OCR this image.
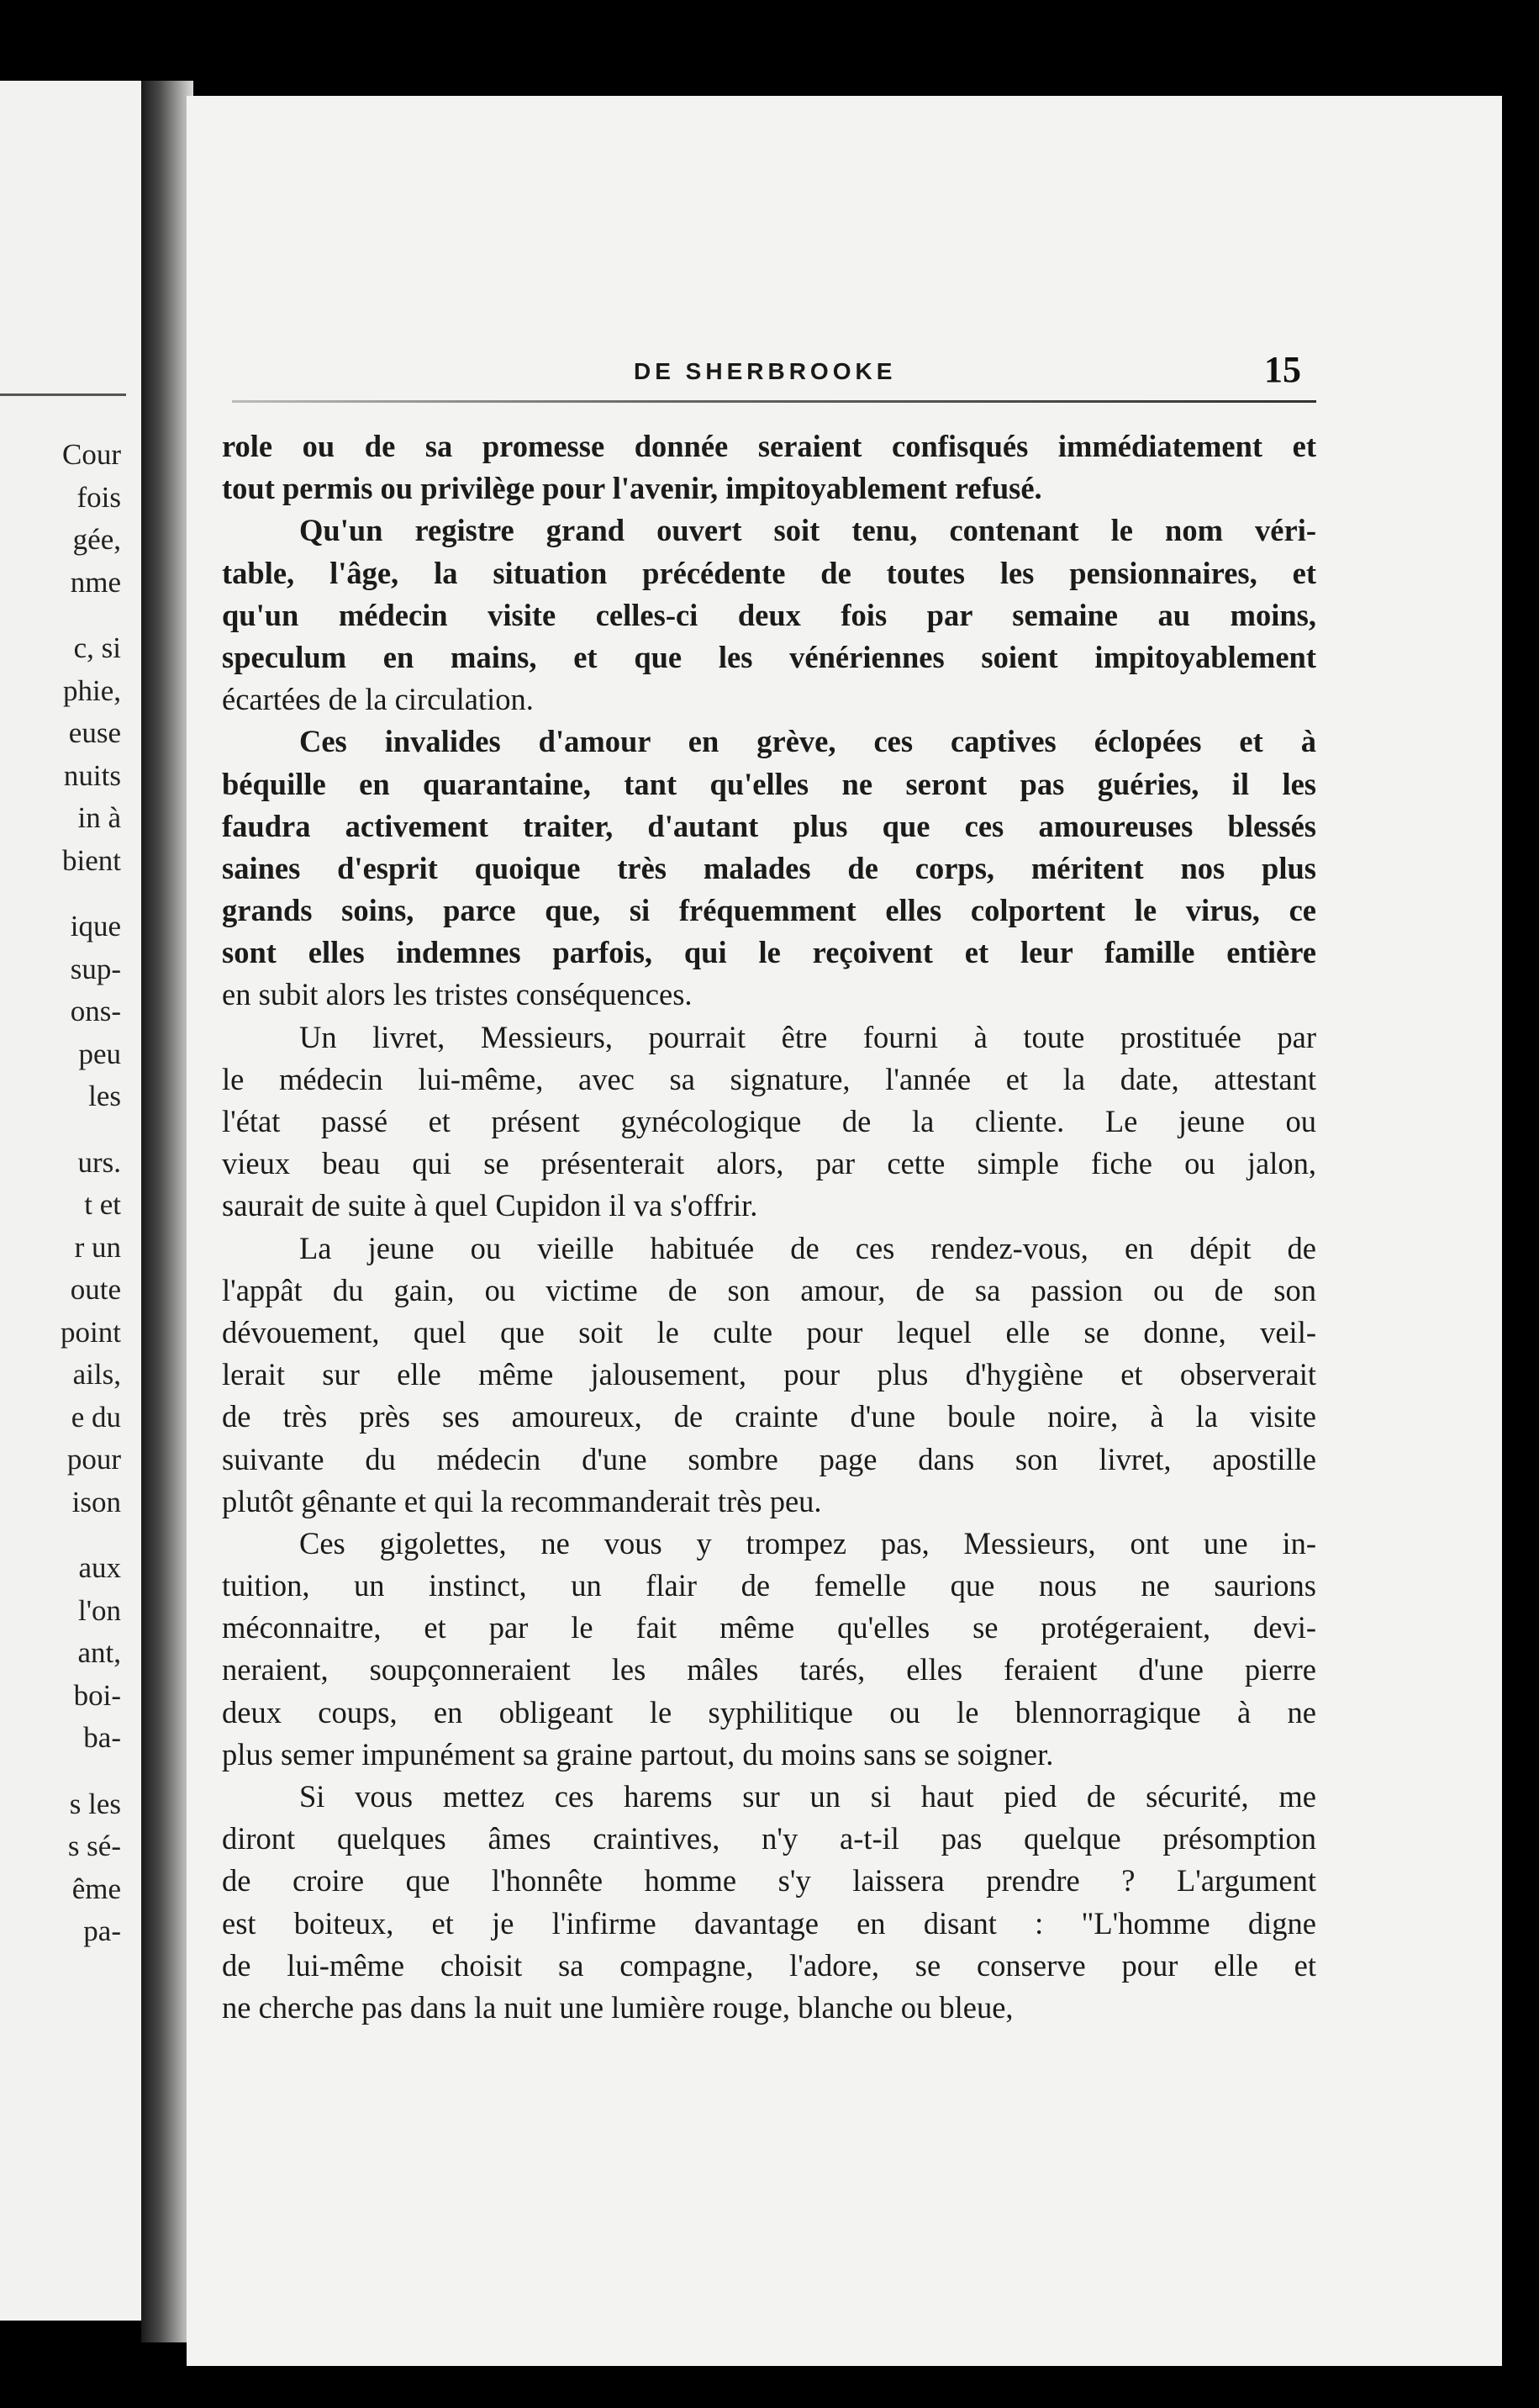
Cour
fois
gée,
nme
c, si
phie,
euse
nuits
in à
bient
ique
sup-
ons-
peu
les
urs.
t et
r un
oute
point
ails,
e du
pour
ison
aux
l'on
ant,
boi-
ba-
s les
s sé-
ême
pa-
DE SHERBROOKE	15
role ou de sa promesse donnée seraient confisqués immédiatement et
tout permis ou privilège pour l'avenir, impitoyablement refusé.
Qu'un registre grand ouvert soit tenu, contenant le nom véri-
table, l'âge, la situation précédente de toutes les pensionnaires, et
qu'un médecin visite celles-ci deux fois par semaine au moins,
speculum en mains, et que les vénériennes soient impitoyablement
écartées de la circulation.
Ces invalides d'amour en grève, ces captives éclopées et à
béquille en quarantaine, tant qu'elles ne seront pas guéries, il les
faudra activement traiter, d'autant plus que ces amoureuses blessés
saines d'esprit quoique très malades de corps, méritent nos plus
grands soins, parce que, si fréquemment elles colportent le virus, ce
sont elles indemnes parfois, qui le reçoivent et leur famille entière
en subit alors les tristes conséquences.
Un livret, Messieurs, pourrait être fourni à toute prostituée par
le médecin lui-même, avec sa signature, l'année et la date, attestant
l'état passé et présent gynécologique de la cliente. Le jeune ou
vieux beau qui se présenterait alors, par cette simple fiche ou jalon,
saurait de suite à quel Cupidon il va s'offrir.
La jeune ou vieille habituée de ces rendez-vous, en dépit de
l'appât du gain, ou victime de son amour, de sa passion ou de son
dévouement, quel que soit le culte pour lequel elle se donne, veil-
lerait sur elle même jalousement, pour plus d'hygiène et observerait
de très près ses amoureux, de crainte d'une boule noire, à la visite
suivante du médecin d'une sombre page dans son livret, apostille
plutôt gênante et qui la recommanderait très peu.
Ces gigolettes, ne vous y trompez pas, Messieurs, ont une in-
tuition, un instinct, un flair de femelle que nous ne saurions
méconnaitre, et par le fait même qu'elles se protégeraient, devi-
neraient, soupçonneraient les mâles tarés, elles feraient d'une pierre
deux coups, en obligeant le syphilitique ou le blennorragique à ne
plus semer impunément sa graine partout, du moins sans se soigner.
Si vous mettez ces harems sur un si haut pied de sécurité, me
diront quelques âmes craintives, n'y a-t-il pas quelque présomption
de croire que l'honnête homme s'y laissera prendre ? L'argument
est boiteux, et je l'infirme davantage en disant : "L'homme digne
de lui-même choisit sa compagne, l'adore, se conserve pour elle et
ne cherche pas dans la nuit une lumière rouge, blanche ou bleue,
